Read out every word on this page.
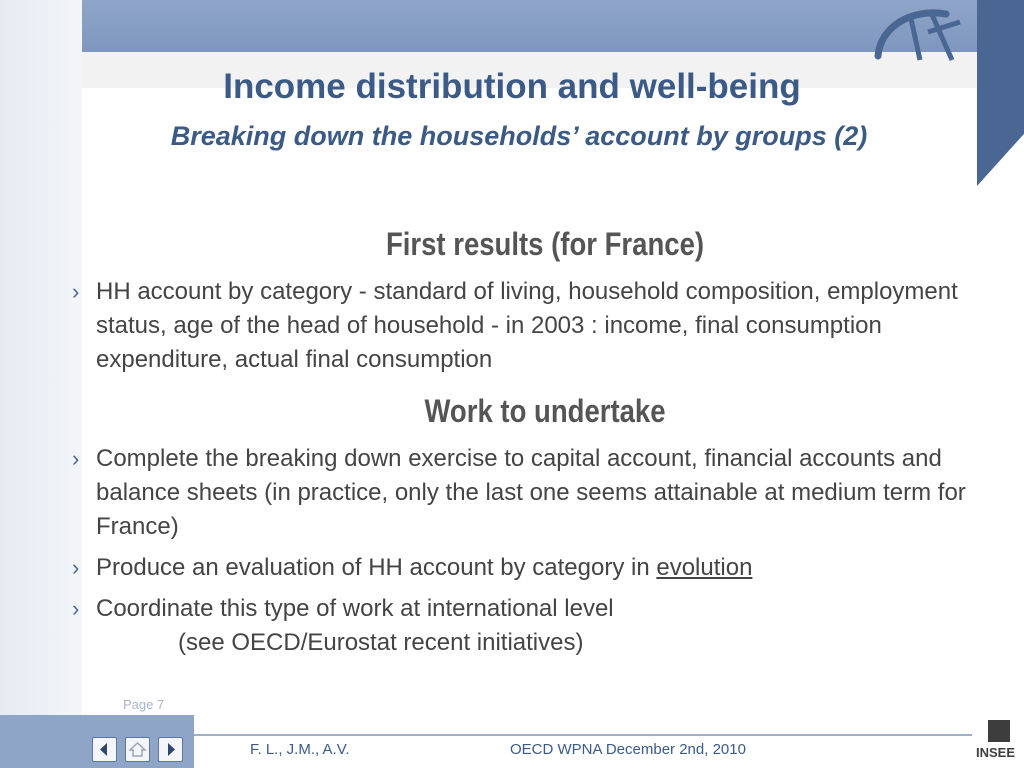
Income distribution and well-being
Breaking down the households’ account by groups (2)
First results (for France)
› HH account by category - standard of living, household composition, employment status, age of the head of household - in 2003 : income, final consumption expenditure, actual final consumption
Work to undertake
› Complete the breaking down exercise to capital account, financial accounts and balance sheets (in practice, only the last one seems attainable at medium term for France)
› Produce an evaluation of HH account by category in evolution
› Coordinate this type of work at international level
(see OECD/Eurostat recent initiatives)
Page 7
F. L., J.M., A.V.	OECD WPNA December 2nd, 2010	INSEE
